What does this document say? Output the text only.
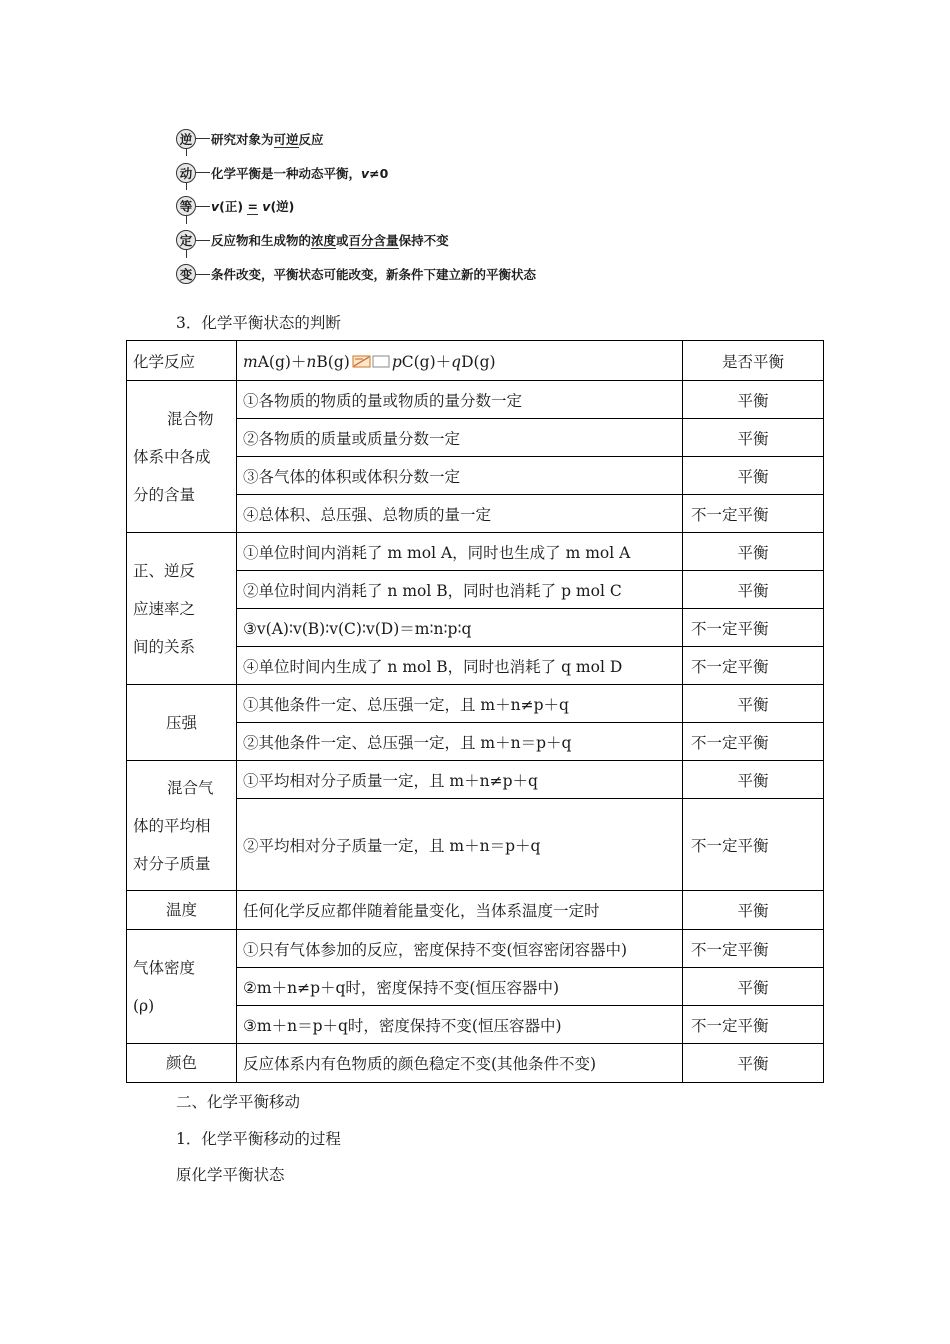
逆	研究对象为可逆反应
动	化学平衡是一种动态平衡，v≠0
等	v(正) = v(逆)
定	反应物和生成物的浓度或百分含量保持不变
变	条件改变，平衡状态可能改变，新条件下建立新的平衡状态
3．化学平衡状态的判断
化学反应	mA(g)＋nB(g) pC(g)＋qD(g)	是否平衡

混合物
体系中各成
分的含量	①各物质的物质的量或物质的量分数一定	平衡
	②各物质的质量或质量分数一定	平衡
	③各气体的体积或体积分数一定	平衡
	④总体积、总压强、总物质的量一定	不一定平衡

正、逆反
应速率之
间的关系	①单位时间内消耗了 m mol A，同时也生成了 m mol A	平衡
	②单位时间内消耗了 n mol B，同时也消耗了 p mol C	平衡
	③v(A)∶v(B)∶v(C)∶v(D)＝m∶n∶p∶q	不一定平衡
	④单位时间内生成了 n mol B，同时也消耗了 q mol D	不一定平衡
压强	①其他条件一定、总压强一定，且 m＋n≠p＋q	平衡
	②其他条件一定、总压强一定，且 m＋n＝p＋q	不一定平衡

混合气
体的平均相
对分子质量	①平均相对分子质量一定，且 m＋n≠p＋q	平衡
	②平均相对分子质量一定，且 m＋n＝p＋q	不一定平衡
温度	任何化学反应都伴随着能量变化，当体系温度一定时	平衡

气体密度
(ρ)	①只有气体参加的反应，密度保持不变(恒容密闭容器中)	不一定平衡
	②m＋n≠p＋q时，密度保持不变(恒压容器中)	平衡
	③m＋n＝p＋q时，密度保持不变(恒压容器中)	不一定平衡
颜色	反应体系内有色物质的颜色稳定不变(其他条件不变)	平衡
二、化学平衡移动
1．化学平衡移动的过程
原化学平衡状态
